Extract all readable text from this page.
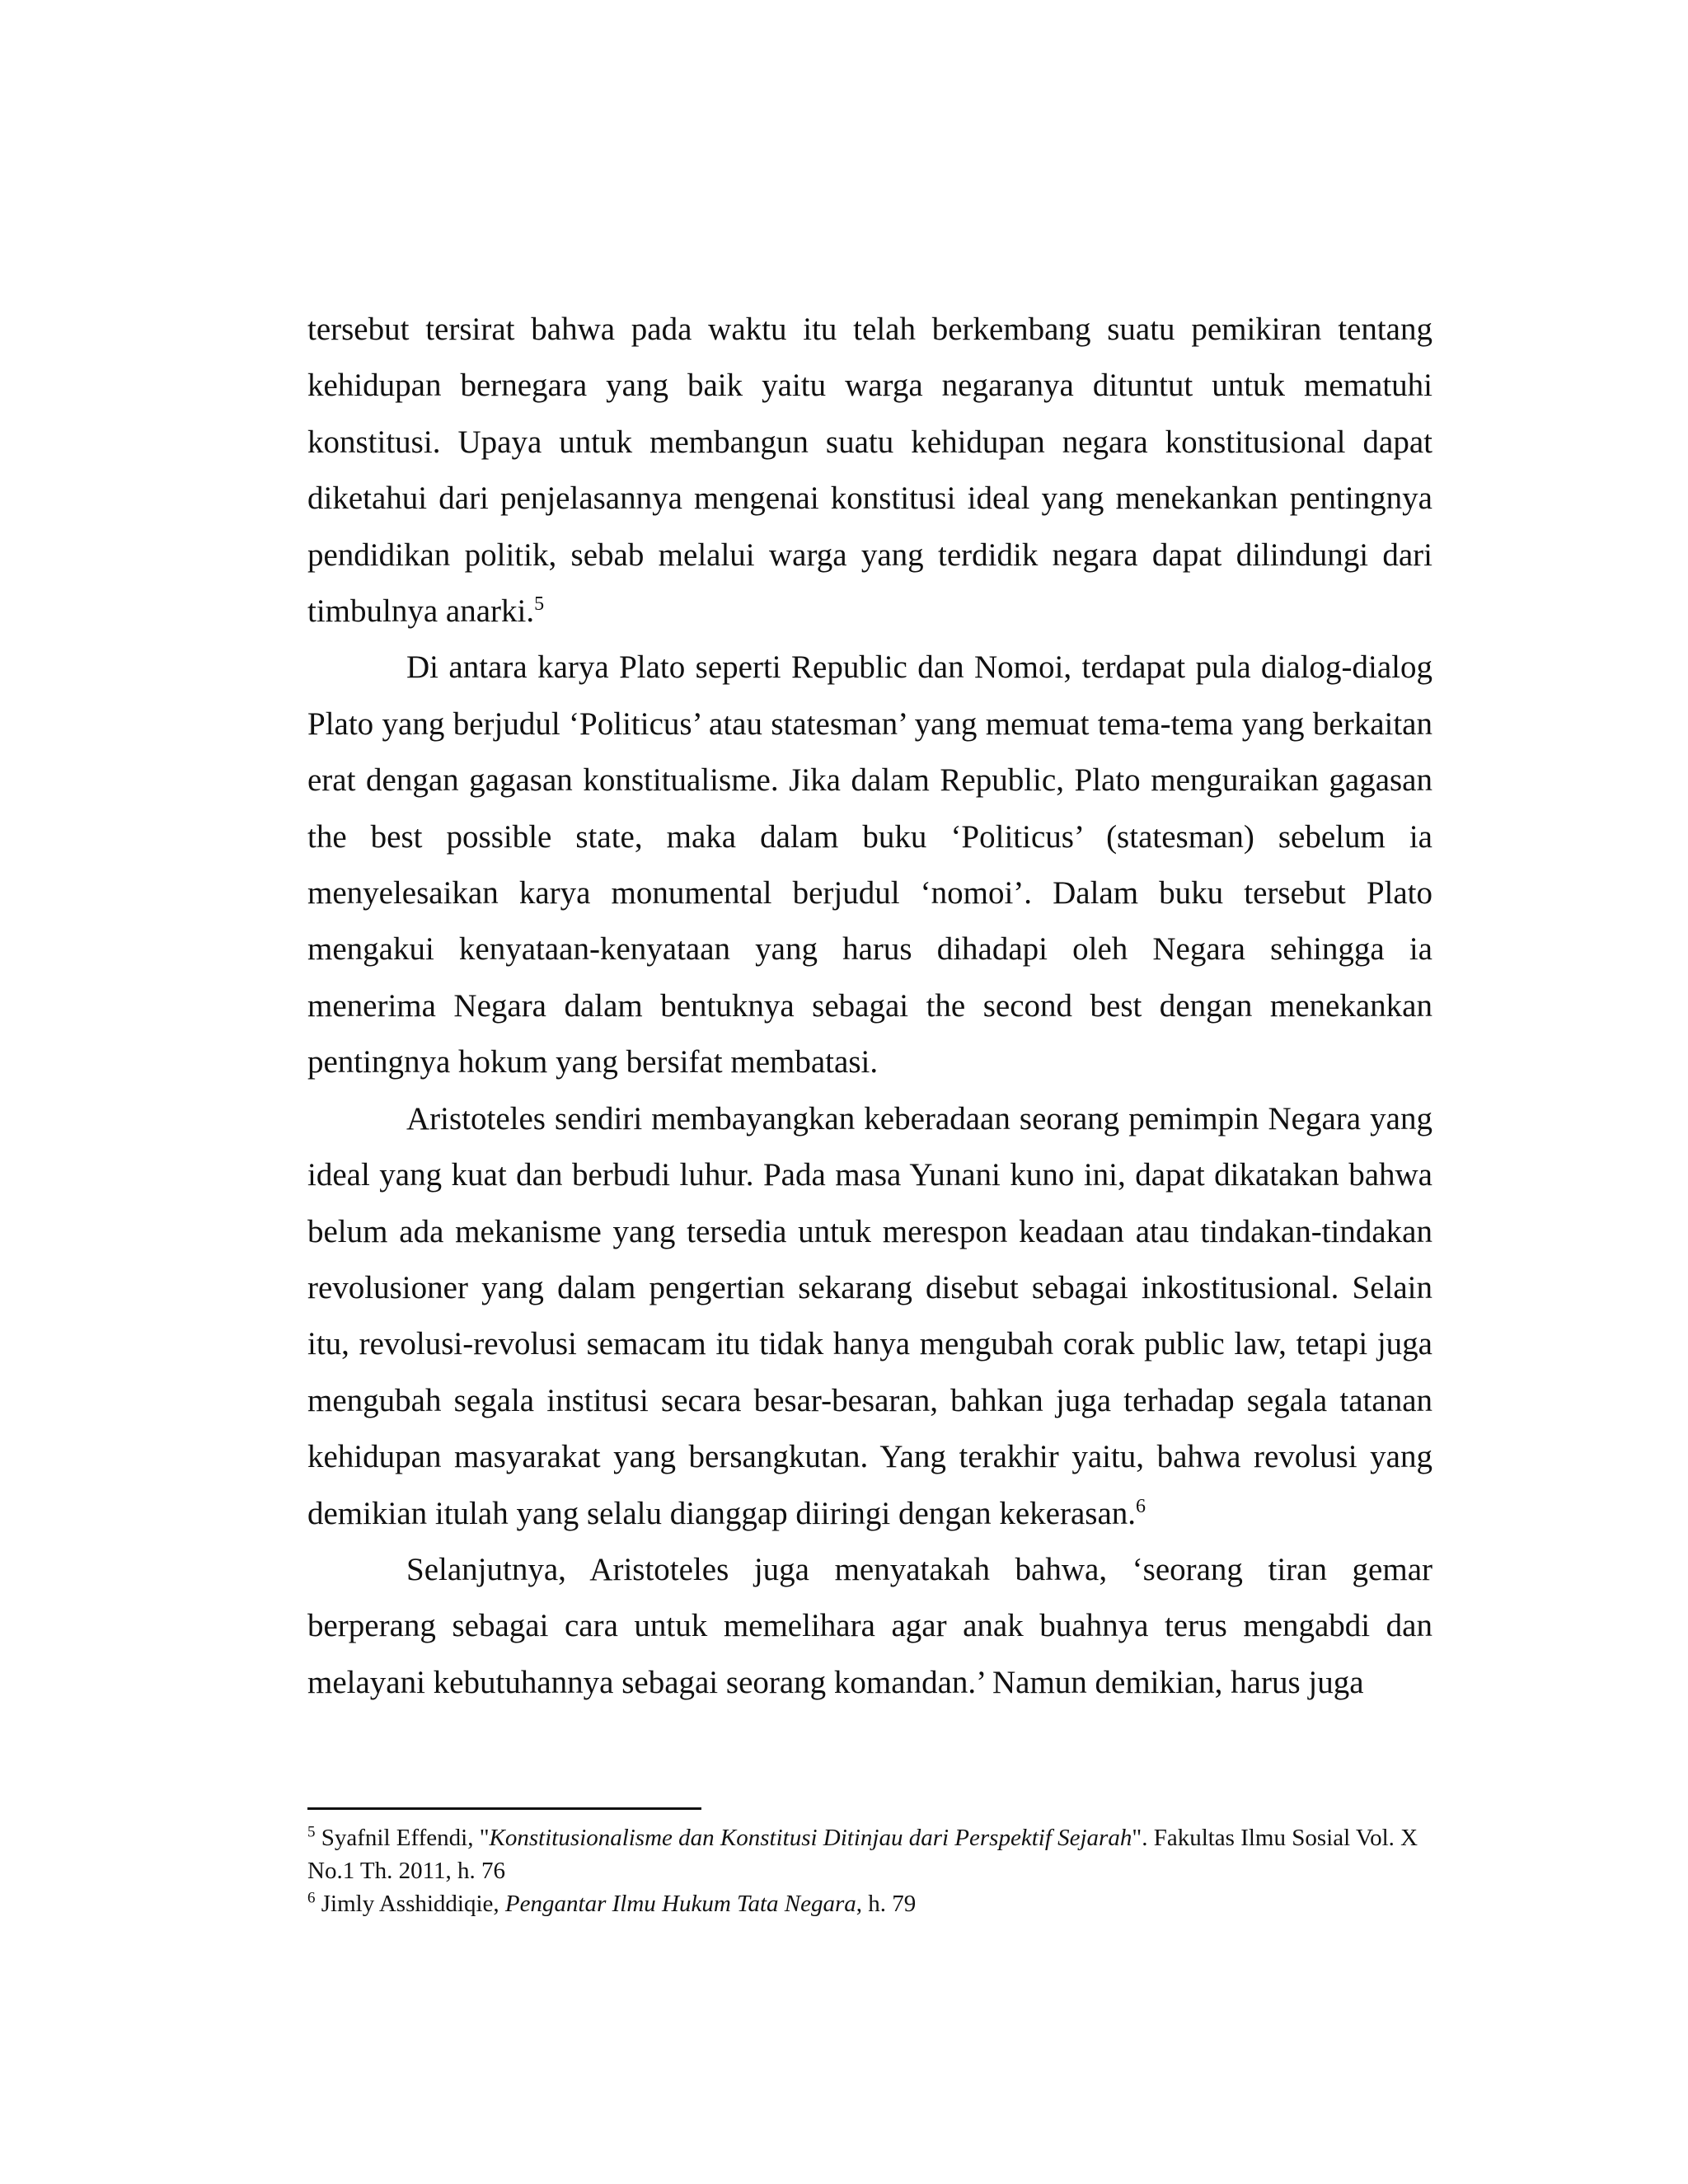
tersebut tersirat bahwa pada waktu itu telah berkembang suatu pemikiran tentang kehidupan bernegara yang baik yaitu warga negaranya dituntut untuk mematuhi konstitusi. Upaya untuk membangun suatu kehidupan negara konstitusional dapat diketahui dari penjelasannya mengenai konstitusi ideal yang menekankan pentingnya pendidikan politik, sebab melalui warga yang terdidik negara dapat dilindungi dari timbulnya anarki.$^5$

Di antara karya Plato seperti Republic dan Nomoi, terdapat pula dialog-dialog Plato yang berjudul ‘Politicus’ atau statesman’ yang memuat tema-tema yang berkaitan erat dengan gagasan konstitualisme. Jika dalam Republic, Plato menguraikan gagasan the best possible state, maka dalam buku ‘Politicus’ (statesman) sebelum ia menyelesaikan karya monumental berjudul ‘nomoi’. Dalam buku tersebut Plato mengakui kenyataan-kenyataan yang harus dihadapi oleh Negara sehingga ia menerima Negara dalam bentuknya sebagai the second best dengan menekankan pentingnya hokum yang bersifat membatasi.

Aristoteles sendiri membayangkan keberadaan seorang pemimpin Negara yang ideal yang kuat dan berbudi luhur. Pada masa Yunani kuno ini, dapat dikatakan bahwa belum ada mekanisme yang tersedia untuk merespon keadaan atau tindakan-tindakan revolusioner yang dalam pengertian sekarang disebut sebagai inkostitusional. Selain itu, revolusi-revolusi semacam itu tidak hanya mengubah corak public law, tetapi juga mengubah segala institusi secara besar-besaran, bahkan juga terhadap segala tatanan kehidupan masyarakat yang bersangkutan. Yang terakhir yaitu, bahwa revolusi yang demikian itulah yang selalu dianggap diiringi dengan kekerasan.$^6$

Selanjutnya, Aristoteles juga menyatakah bahwa, ‘seorang tiran gemar berperang sebagai cara untuk memelihara agar anak buahnya terus mengabdi dan melayani kebutuhannya sebagai seorang komandan.’ Namun demikian, harus juga

$^5$ Syafnil Effendi, "Konstitusionalisme dan Konstitusi Ditinjau dari Perspektif Sejarah". Fakultas Ilmu Sosial Vol. X No.1 Th. 2011, h. 76

$^6$ Jimly Asshiddiqie, Pengantar Ilmu Hukum Tata Negara, h. 79
